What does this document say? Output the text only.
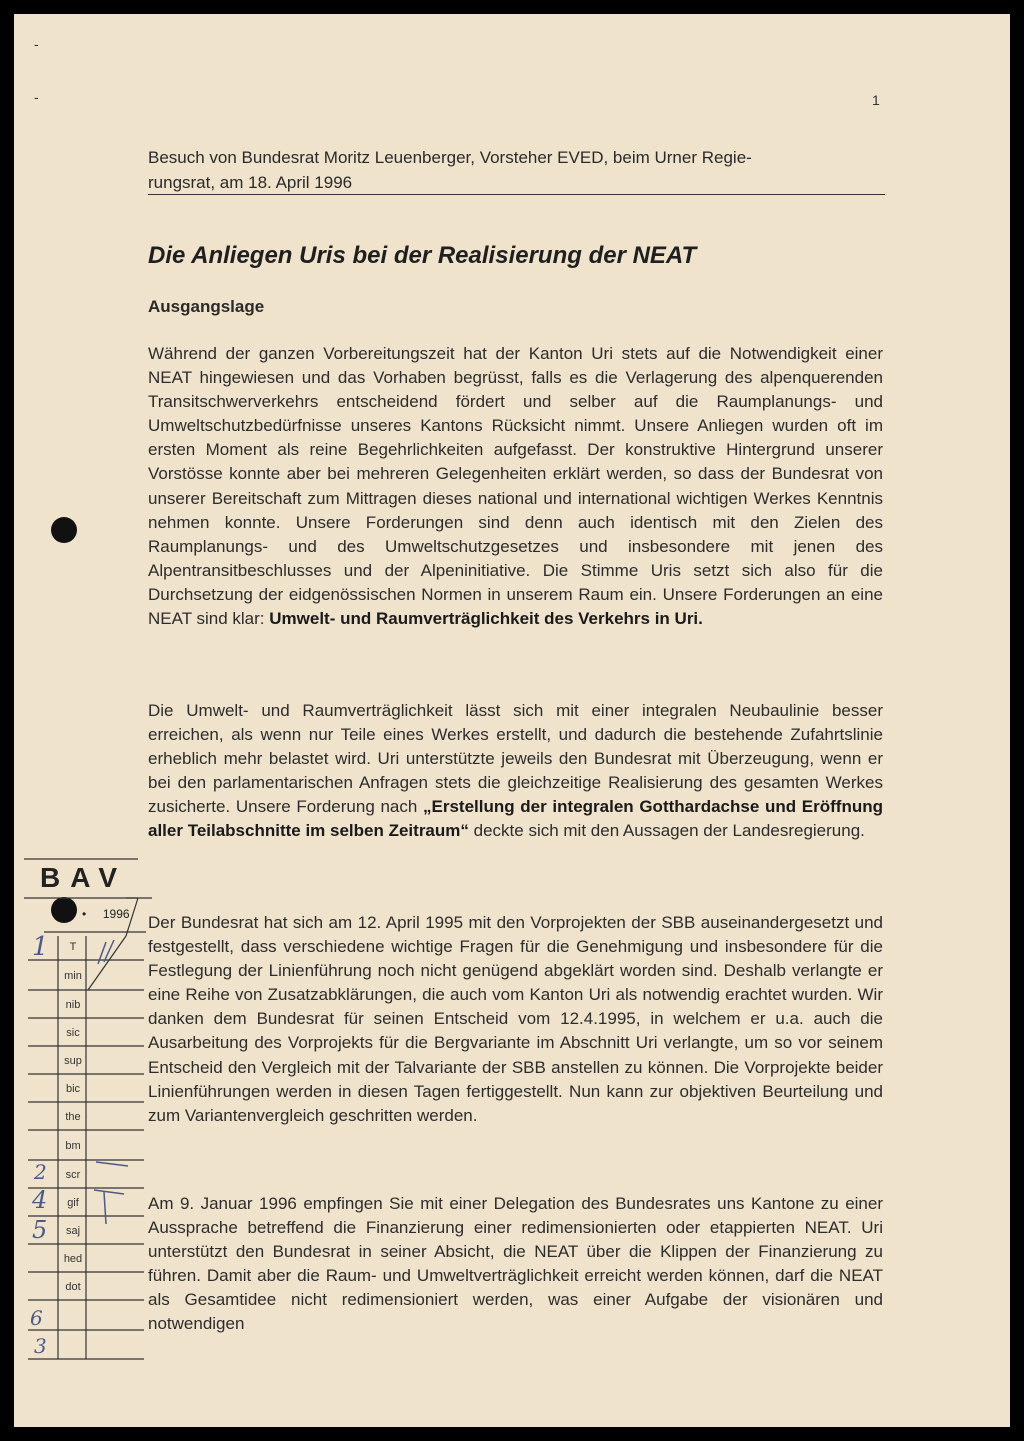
-
-	1
Besuch von Bundesrat Moritz Leuenberger, Vorsteher EVED, beim Urner Regie-
rungsrat, am 18. April 1996
Die Anliegen Uris bei der Realisierung der NEAT
Ausgangslage

Während der ganzen Vorbereitungszeit hat der Kanton Uri stets auf die Notwendigkeit einer NEAT hingewiesen und das Vorhaben begrüsst, falls es die Verlagerung des alpenquerenden Transitschwerverkehrs entscheidend fördert und selber auf die Raumplanungs- und Umweltschutzbedürfnisse unseres Kantons Rücksicht nimmt. Unsere Anliegen wurden oft im ersten Moment als reine Begehrlichkeiten aufgefasst. Der konstruktive Hintergrund unserer Vorstösse konnte aber bei mehreren Gelegenheiten erklärt werden, so dass der Bundesrat von unserer Bereitschaft zum Mittragen dieses national und international wichtigen Werkes Kenntnis nehmen konnte. Unsere Forderungen sind denn auch identisch mit den Zielen des Raumplanungs- und des Umweltschutzgesetzes und insbesondere mit jenen des Alpentransitbeschlusses und der Alpeninitiative. Die Stimme Uris setzt sich also für die Durchsetzung der eidgenössischen Normen in unserem Raum ein. Unsere Forderungen an eine NEAT sind klar: Umwelt- und Raumverträglichkeit des Verkehrs in Uri.

Die Umwelt- und Raumverträglichkeit lässt sich mit einer integralen Neubaulinie besser erreichen, als wenn nur Teile eines Werkes erstellt, und dadurch die bestehende Zufahrtslinie erheblich mehr belastet wird. Uri unterstützte jeweils den Bundesrat mit Überzeugung, wenn er bei den parlamentarischen Anfragen stets die gleichzeitige Realisierung des gesamten Werkes zusicherte. Unsere Forderung nach „Erstellung der integralen Gotthardachse und Eröffnung aller Teilabschnitte im selben Zeitraum“ deckte sich mit den Aussagen der Landesregierung.

Der Bundesrat hat sich am 12. April 1995 mit den Vorprojekten der SBB auseinandergesetzt und festgestellt, dass verschiedene wichtige Fragen für die Genehmigung und insbesondere für die Festlegung der Linienführung noch nicht genügend abgeklärt worden sind. Deshalb verlangte er eine Reihe von Zusatzabklärungen, die auch vom Kanton Uri als notwendig erachtet wurden. Wir danken dem Bundesrat für seinen Entscheid vom 12.4.1995, in welchem er u.a. auch die Ausarbeitung des Vorprojekts für die Bergvariante im Abschnitt Uri verlangte, um so vor seinem Entscheid den Vergleich mit der Talvariante der SBB anstellen zu können. Die Vorprojekte beider Linienführungen werden in diesen Tagen fertiggestellt. Nun kann zur objektiven Beurteilung und zum Variantenvergleich geschritten werden.

Am 9. Januar 1996 empfingen Sie mit einer Delegation des Bundesrates uns Kantone zu einer Aussprache betreffend die Finanzierung einer redimensionierten oder etappierten NEAT. Uri unterstützt den Bundesrat in seiner Absicht, die NEAT über die Klippen der Finanzierung zu führen. Damit aber die Raum- und Umweltverträglichkeit erreicht werden können, darf die NEAT als Gesamtidee nicht redimensioniert werden, was einer Aufgabe der visionären und notwendigen

BAV
•     1996
T
min
nib
sic
sup
bic
the
bm
scr
gif
saj
hed
dot
1
2
4
5
6
3
